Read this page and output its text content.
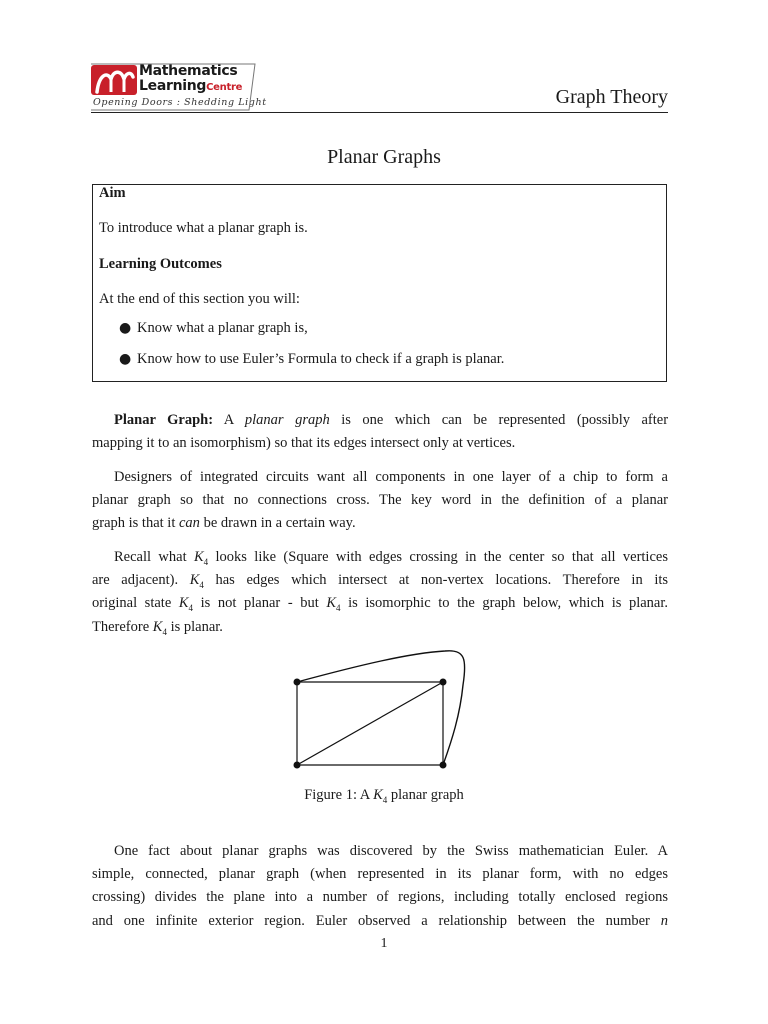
Mathematics
LearningCentre
Opening Doors : Shedding Light	Graph Theory
Planar Graphs
Aim
To introduce what a planar graph is.
Learning Outcomes
At the end of this section you will:
● Know what a planar graph is,
● Know how to use Euler’s Formula to check if a graph is planar.
Planar Graph: A planar graph is one which can be represented (possibly after
mapping it to an isomorphism) so that its edges intersect only at vertices.
Designers of integrated circuits want all components in one layer of a chip to form a
planar graph so that no connections cross. The key word in the definition of a planar
graph is that it can be drawn in a certain way.
Recall what $K_4$ looks like (Square with edges crossing in the center so that all vertices
are adjacent). $K_4$ has edges which intersect at non-vertex locations. Therefore in its
original state $K_4$ is not planar - but $K_4$ is isomorphic to the graph below, which is planar.
Therefore $K_4$ is planar.
Figure 1: A $K_4$ planar graph
One fact about planar graphs was discovered by the Swiss mathematician Euler. A
simple, connected, planar graph (when represented in its planar form, with no edges
crossing) divides the plane into a number of regions, including totally enclosed regions
and one infinite exterior region. Euler observed a relationship between the number n
1
